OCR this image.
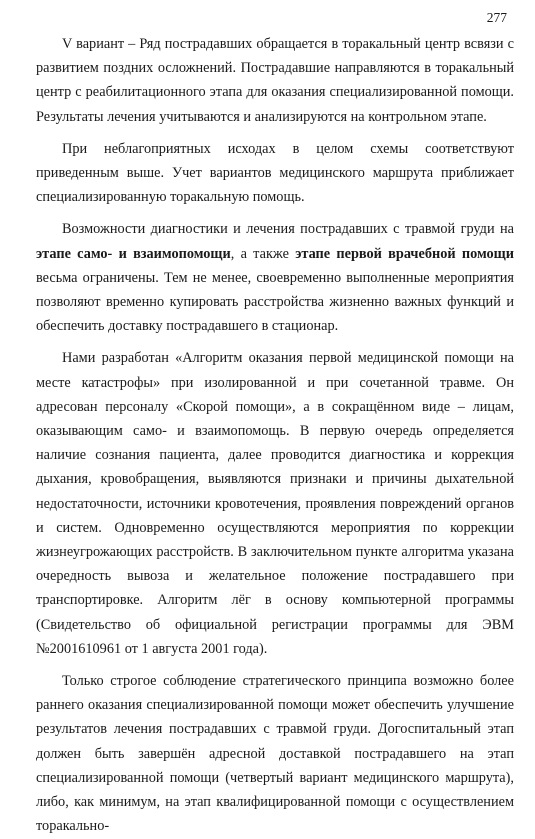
277

V вариант – Ряд пострадавших обращается в торакальный центр всвязи с развитием поздних осложнений. Пострадавшие направляются в торакальный центр с реабилитационного этапа для оказания специализированной помощи. Результаты лечения учитываются и анализируются на контрольном этапе.

При неблагоприятных исходах в целом схемы соответствуют приведенным выше. Учет вариантов медицинского маршрута приближает специализированную торакальную помощь.

Возможности диагностики и лечения пострадавших с травмой груди на этапе само- и взаимопомощи, а также этапе первой врачебной помощи весьма ограничены. Тем не менее, своевременно выполненные мероприятия позволяют временно купировать расстройства жизненно важных функций и обеспечить доставку пострадавшего в стационар.

Нами разработан «Алгоритм оказания первой медицинской помощи на месте катастрофы» при изолированной и при сочетанной травме. Он адресован персоналу «Скорой помощи», а в сокращённом виде – лицам, оказывающим само- и взаимопомощь. В первую очередь определяется наличие сознания пациента, далее проводится диагностика и коррекция дыхания, кровобращения, выявляются признаки и причины дыхательной недостаточности, источники кровотечения, проявления повреждений органов и систем. Одновременно осуществляются мероприятия по коррекции жизнеугрожающих расстройств. В заключительном пункте алгоритма указана очередность вывоза и желательное положение пострадавшего при транспортировке. Алгоритм лёг в основу компьютерной программы (Свидетельство об официальной регистрации программы для ЭВМ №2001610961 от 1 августа 2001 года).

Только строгое соблюдение стратегического принципа возможно более раннего оказания специализированной помощи может обеспечить улучшение результатов лечения пострадавших с травмой груди. Догоспитальный этап должен быть завершён адресной доставкой пострадавшего на этап специализированной помощи (четвертый вариант медицинского маршрута), либо, как минимум, на этап квалифицированной помощи с осуществлением торакально-
